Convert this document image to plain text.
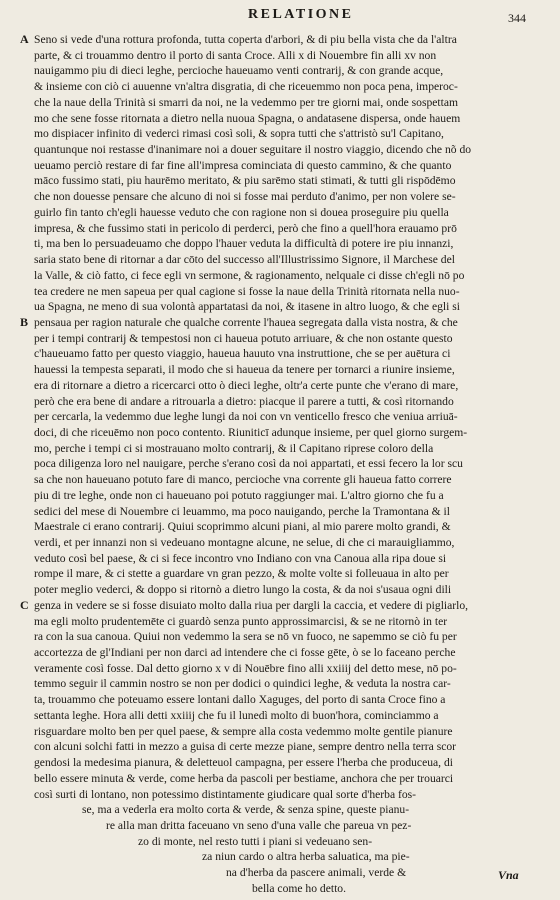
RELATIONE	344
A Seno si vede d'una rottura profonda, tutta coperta d'arbori, & di piu bella vista che da l'altra
parte, & ci trouammo dentro il porto di santa Croce. Alli x di Nouembre fin alli xv non
nauigammo piu di dieci leghe, percioche haueuamo venti contrarij, & con grande acque,
& insieme con ciò ci auuenne vn'altra disgratia, di che riceuemmo non poca pena, imperoc-
che la naue della Trinità si smarri da noi, ne la vedemmo per tre giorni mai, onde sospettam
mo che sene fosse ritornata a dietro nella nuoua Spagna, o andatasene dispersa, onde hauem
mo dispiacer infinito di vederci rimasi così soli, & sopra tutti che s'attristò su'l Capitano,
quantunque noi restasse d'inanimare noi a douer seguitare il nostro viaggio, dicendo che nõ do
ueuamo perciò restare di far fine all'impresa cominciata di questo cammino, & che quanto
māco fussimo stati, piu haurēmo meritato, & piu sarēmo stati stimati, & tutti gli rispōdēmo
che non douesse pensare che alcuno di noi si fosse mai perduto d'animo, per non volere se-
guirlo fin tanto ch'egli hauesse veduto che con ragione non si douea proseguire piu quella
impresa, & che fussimo stati in pericolo di perderci, però che fino a quell'hora erauamo prō
ti, ma ben lo persuadeuamo che doppo l'hauer veduta la difficultà di potere ire piu innanzi,
saria stato bene di ritornar a dar cōto del successo all'Illustrissimo Signore, il Marchese del
la Valle, & ciò fatto, ci fece egli vn sermone, & ragionamento, nelquale ci disse ch'egli nō po
tea credere ne men sapeua per qual cagione si fosse la naue della Trinità ritornata nella nuo-
ua Spagna, ne meno di sua volontà appartatasi da noi, & itasene in altro luogo, & che egli si
B pensaua per ragion naturale che qualche corrente l'hauea segregata dalla vista nostra, & che
per i tempi contrarij & tempestosi non ci haueua potuto arriuare, & che non ostante questo
c'haueuamo fatto per questo viaggio, haueua hauuto vna instruttione, che se per auētura ci
hauessi la tempesta separati, il modo che si haueua da tenere per tornarci a riunire insieme,
era di ritornare a dietro a ricercarci otto ò dieci leghe, oltr'a certe punte che v'erano di mare,
però che era bene di andare a ritrouarla a dietro: piacque il parere a tutti, & così ritornando
per cercarla, la vedemmo due leghe lungi da noi con vn venticello fresco che veniua arriuā-
doci, di che riceuēmo non poco contento. Riuniticī adunque insieme, per quel giorno surgem-
mo, perche i tempi ci si mostrauano molto contrarij, & il Capitano riprese coloro della
poca diligenza loro nel nauigare, perche s'erano così da noi appartati, et essi fecero la lor scu
sa che non haueuano potuto fare di manco, percioche vna corrente gli haueua fatto correre
piu di tre leghe, onde non ci haueuano poi potuto raggiunger mai. L'altro giorno che fu a
sedici del mese di Nouembre ci leuammo, ma poco nauigando, perche la Tramontana & il
Maestrale ci erano contrarij. Quiui scoprimmo alcuni piani, al mio parere molto grandi, &
verdi, et per innanzi non si vedeuano montagne alcune, ne selue, di che ci marauigliammo,
veduto così bel paese, & ci si fece incontro vno Indiano con vna Canoua alla ripa doue si
rompe il mare, & ci stette a guardare vn gran pezzo, & molte volte si folleuaua in alto per
poter meglio vederci, & doppo si ritornò a dietro lungo la costa, & da noi s'usaua ogni dili
C genza in vedere se si fosse disuiato molto dalla riua per dargli la caccia, et vedere di pigliarlo,
ma egli molto prudentemēte ci guardò senza punto approssimarcisi, & se ne ritornò in ter
ra con la sua canoua. Quiui non vedemmo la sera se nō vn fuoco, ne sapemmo se ciò fu per
accortezza de gl'Indiani per non darci ad intendere che ci fosse gēte, ò se lo faceano perche
veramente così fosse. Dal detto giorno x v di Nouēbre fino alli xxiiij del detto mese, nō po-
temmo seguir il cammin nostro se non per dodici o quindici leghe, & veduta la nostra car-
ta, trouammo che poteuamo essere lontani dallo Xaguges, del porto di santa Croce fino a
settanta leghe. Hora alli detti xxiiij che fu il lunedì molto di buon'hora, cominciammo a
risguardare molto ben per quel paese, & sempre alla costa vedemmo molte gentile pianure
con alcuni solchi fatti in mezzo a guisa di certe mezze piane, sempre dentro nella terra scor
gendosi la medesima pianura, & deletteuol campagna, per essere l'herba che produceua, di
bello essere minuta & verde, come herba da pascoli per bestiame, anchora che per trouarci
così surti di lontano, non potessimo distintamente giudicare qual sorte d'herba fos-
se, ma a vederla era molto corta & verde, & senza spine, queste pianu-
re alla man dritta faceuano vn seno d'una valle che pareua vn pez-
zo di monte, nel resto tutti i piani si vedeuano sen-
za niun cardo o altra herba saluatica, ma pie-
na d'herba da pascere animali, verde &
bella come ho detto.
Vna
